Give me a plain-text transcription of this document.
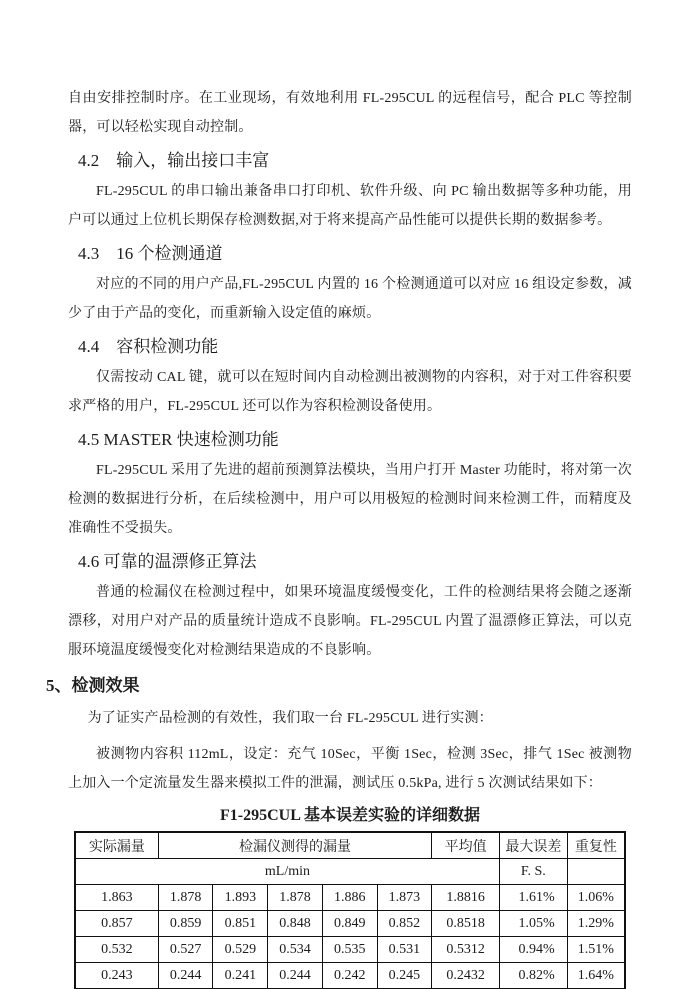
自由安排控制时序。在工业现场，有效地利用 FL-295CUL 的远程信号，配合 PLC 等控制器，可以轻松实现自动控制。

4.2　输入，输出接口丰富

FL-295CUL 的串口输出兼备串口打印机、软件升级、向 PC 输出数据等多种功能，用户可以通过上位机长期保存检测数据,对于将来提高产品性能可以提供长期的数据参考。

4.3　16 个检测通道

对应的不同的用户产品,FL-295CUL 内置的 16 个检测通道可以对应 16 组设定参数，减少了由于产品的变化，而重新输入设定值的麻烦。

4.4　容积检测功能

仅需按动 CAL 键，就可以在短时间内自动检测出被测物的内容积，对于对工件容积要求严格的用户，FL-295CUL 还可以作为容积检测设备使用。

4.5 MASTER 快速检测功能

FL-295CUL 采用了先进的超前预测算法模块，当用户打开 Master 功能时，将对第一次检测的数据进行分析，在后续检测中，用户可以用极短的检测时间来检测工件，而精度及准确性不受损失。

4.6 可靠的温漂修正算法

普通的检漏仪在检测过程中，如果环境温度缓慢变化，工件的检测结果将会随之逐渐漂移，对用户对产品的质量统计造成不良影响。FL-295CUL 内置了温漂修正算法，可以克服环境温度缓慢变化对检测结果造成的不良影响。

5、检测效果

为了证实产品检测的有效性，我们取一台 FL-295CUL 进行实测：

被测物内容积 112mL，设定：充气 10Sec，平衡 1Sec，检测 3Sec，排气 1Sec 被测物上加入一个定流量发生器来模拟工件的泄漏，测试压 0.5kPa, 进行 5 次测试结果如下：

F1-295CUL 基本误差实验的详细数据
实际漏量	检漏仪测得的漏量					平均值	最大误差	重复性
mL/min							F. S.	
1.863	1.878	1.893	1.878	1.886	1.873	1.8816	1.61%	1.06%
0.857	0.859	0.851	0.848	0.849	0.852	0.8518	1.05%	1.29%
0.532	0.527	0.529	0.534	0.535	0.531	0.5312	0.94%	1.51%
0.243	0.244	0.241	0.244	0.242	0.245	0.2432	0.82%	1.64%
